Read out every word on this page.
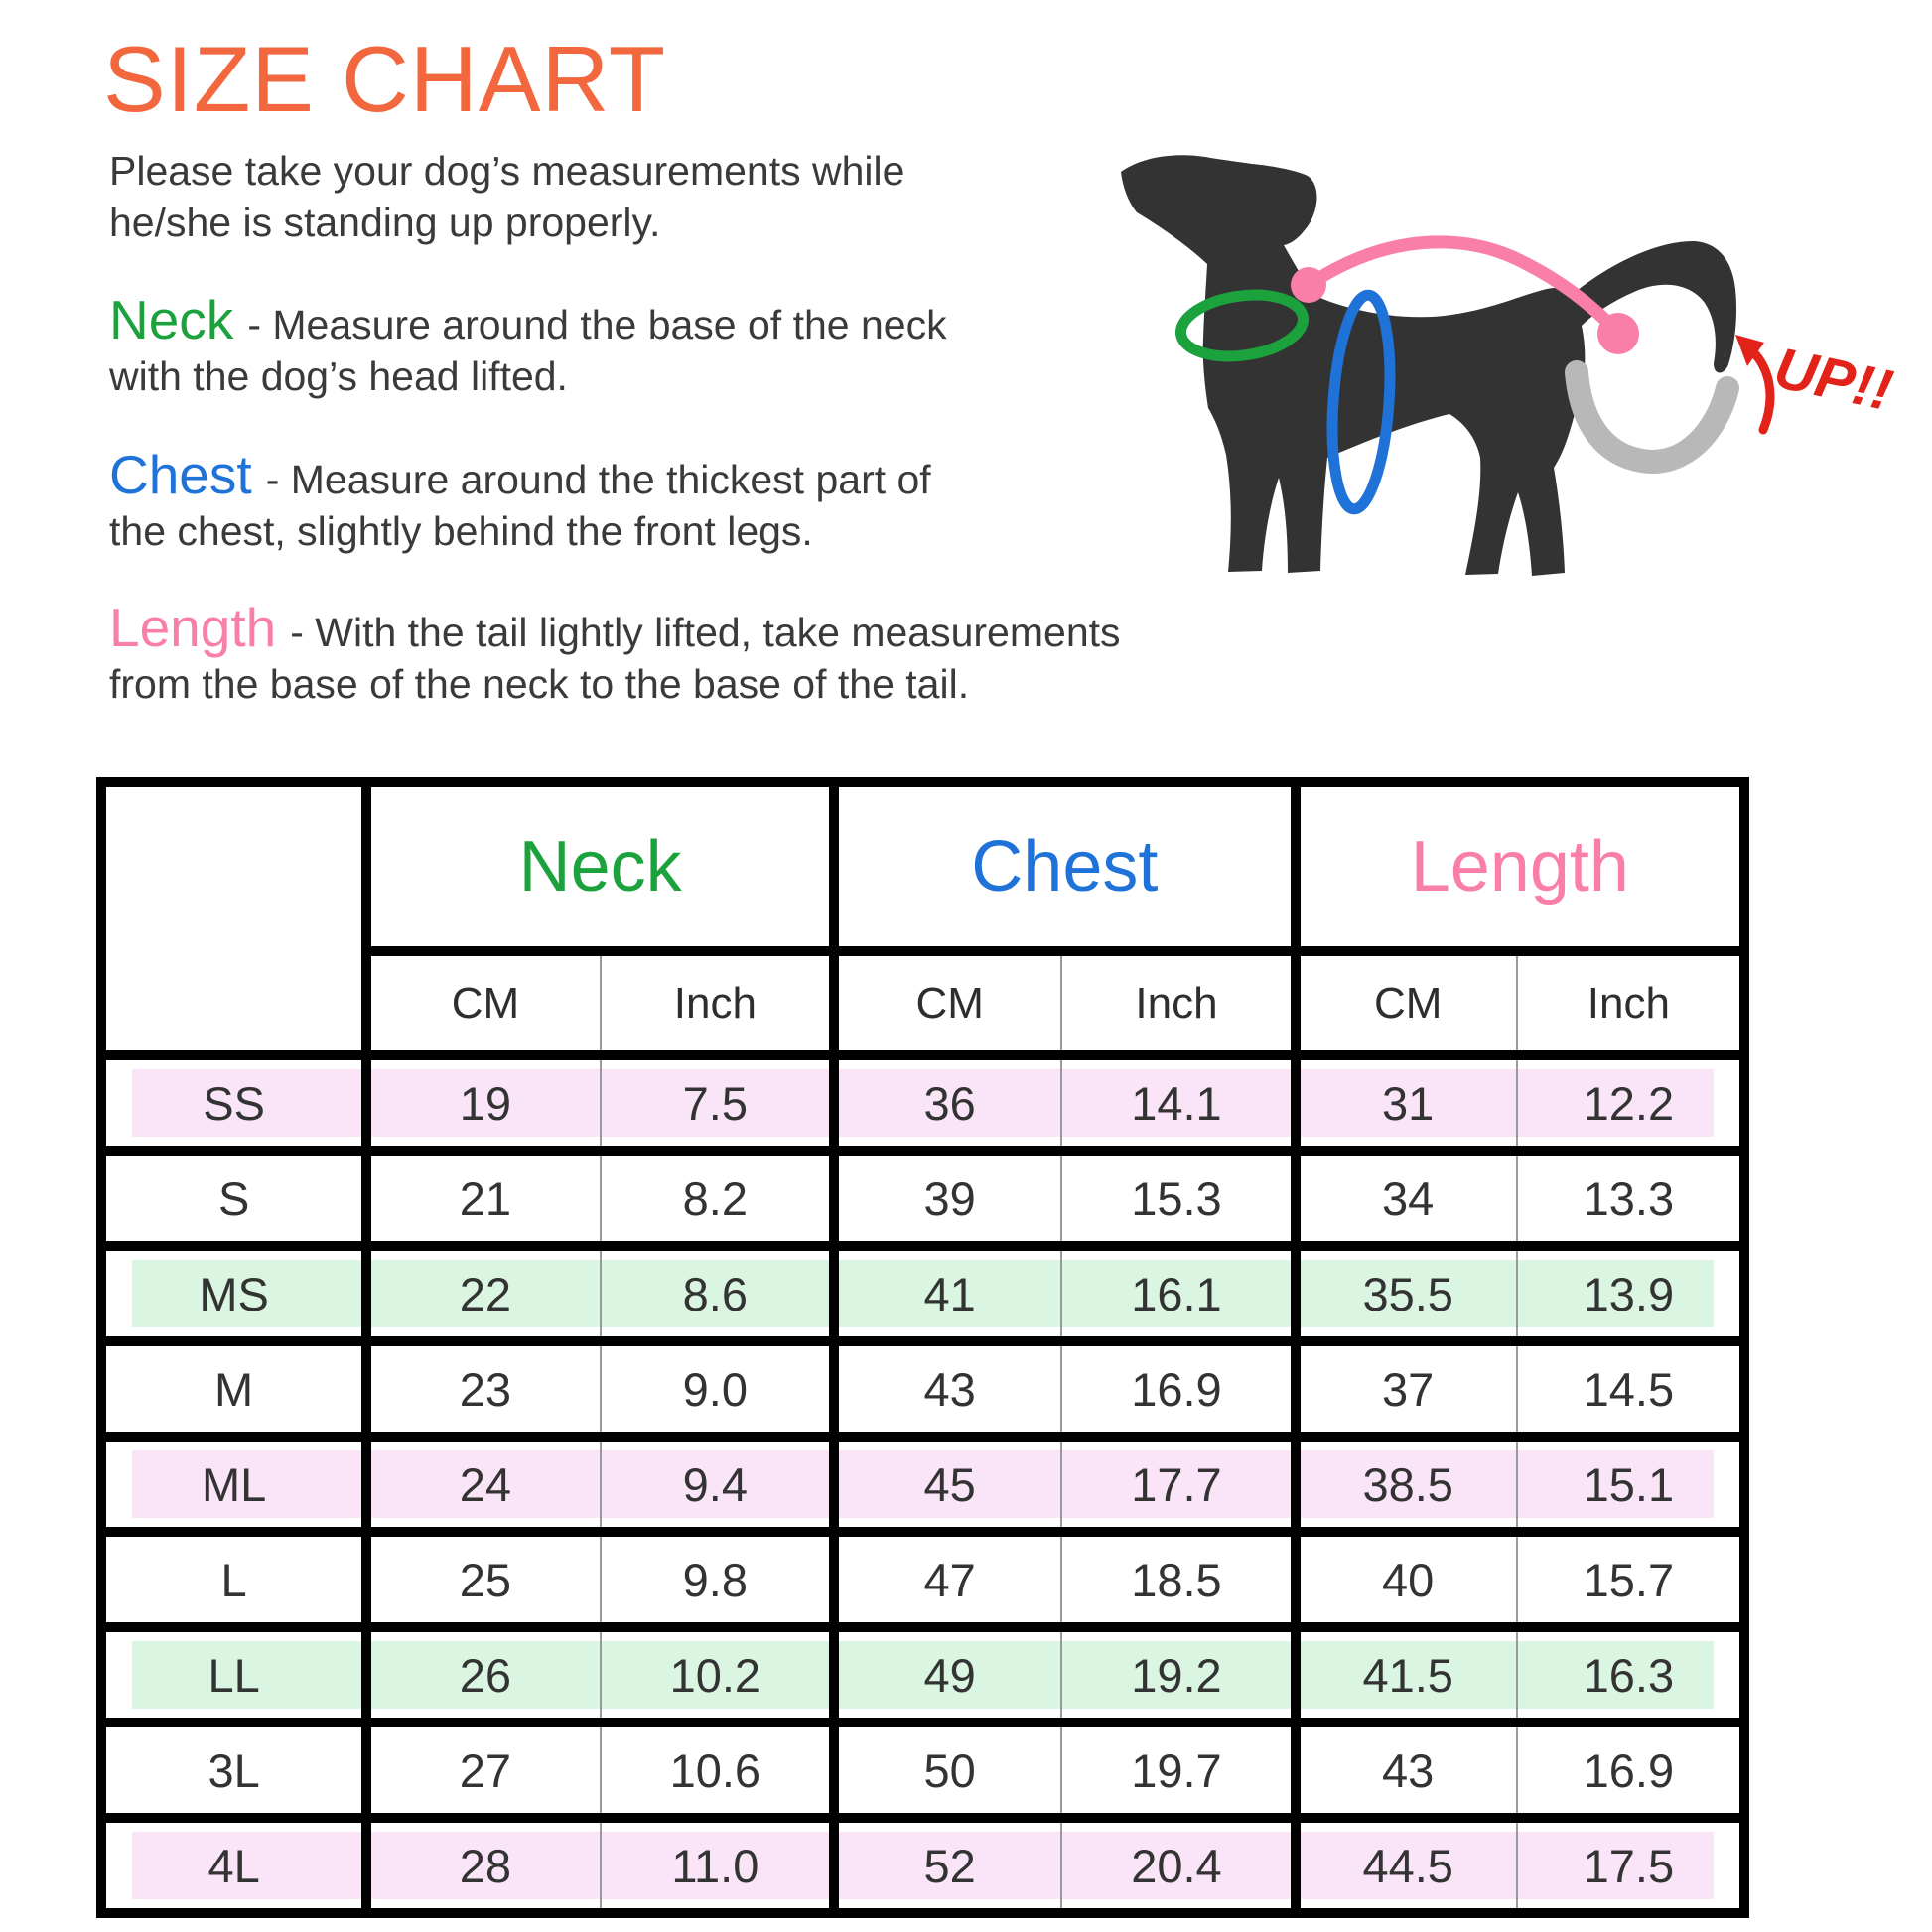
SIZE CHART
Please take your dog’s measurements while
he/she is standing up properly.
Neck - Measure around the base of the neck
with the dog’s head lifted.
Chest - Measure around the thickest part of
the chest, slightly behind the front legs.
Length - With the tail lightly lifted, take measurements
from the base of the neck to the base of the tail.
UP!!
	Neck		Chest		Length	
	CM	Inch	CM	Inch	CM	Inch
SS	19	7.5	36	14.1	31	12.2
S	21	8.2	39	15.3	34	13.3
MS	22	8.6	41	16.1	35.5	13.9
M	23	9.0	43	16.9	37	14.5
ML	24	9.4	45	17.7	38.5	15.1
L	25	9.8	47	18.5	40	15.7
LL	26	10.2	49	19.2	41.5	16.3
3L	27	10.6	50	19.7	43	16.9
4L	28	11.0	52	20.4	44.5	17.5
